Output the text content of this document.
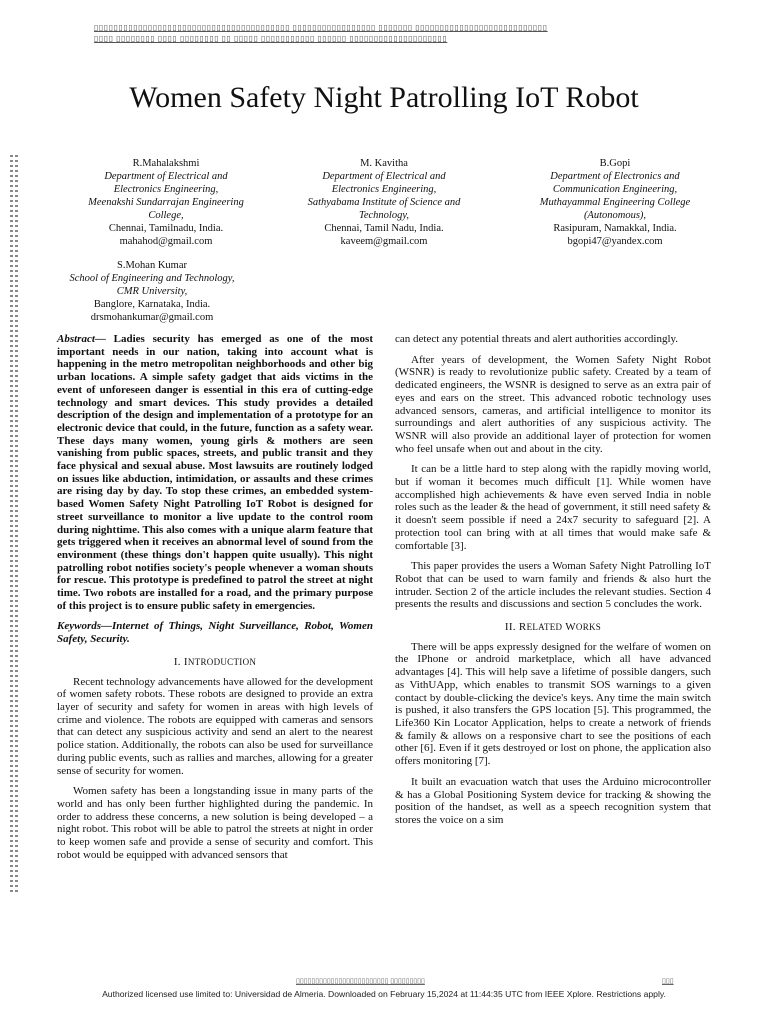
▯▯▯▯▯▯▯▯▯▯▯▯▯▯▯▯▯▯▯▯▯▯▯▯▯▯▯▯▯▯▯▯▯▯▯▯▯▯▯▯ ▯▯▯▯▯▯▯▯▯▯▯▯▯▯▯▯▯ ▯▯▯▯▯▯▯ ▯▯▯▯▯▯▯▯▯▯▯▯▯▯▯▯▯▯▯▯▯▯▯▯▯▯▯▯▯▯▯ ▯▯▯▯▯▯▯▯ ▯▯▯▯ ▯▯▯▯▯▯▯▯ ▯▯ ▯▯▯▯▯ ▯▯▯▯▯▯▯▯▯▯▯ ▯▯▯▯▯▯ ▯▯▯▯▯▯▯▯▯▯▯▯▯▯▯▯▯▯▯▯
Women Safety Night Patrolling IoT Robot
R.Mahalakshmi
Department of Electrical and
Electronics Engineering,
Meenakshi Sundarrajan Engineering
College,
Chennai, Tamilnadu, India.
mahahod@gmail.com
M. Kavitha
Department of Electrical and
Electronics Engineering,
Sathyabama Institute of Science and
Technology,
Chennai, Tamil Nadu, India.
kaveem@gmail.com
B.Gopi
Department of Electronics and
Communication Engineering,
Muthayammal Engineering College
(Autonomous),
Rasipuram, Namakkal, India.
bgopi47@yandex.com
S.Mohan Kumar
School of Engineering and Technology,
CMR University,
Banglore, Karnataka, India.
drsmohankumar@gmail.com

Abstract— Ladies security has emerged as one of the most important needs in our nation, taking into account what is happening in the metro metropolitan neighborhoods and other big urban locations. A simple safety gadget that aids victims in the event of unforeseen danger is essential in this era of cutting-edge technology and smart devices. This study provides a detailed description of the design and implementation of a prototype for an electronic device that could, in the future, function as a safety wear. These days many women, young girls & mothers are seen vanishing from public spaces, streets, and public transit and they face physical and sexual abuse. Most lawsuits are routinely lodged on issues like abduction, intimidation, or assaults and these crimes are rising day by day. To stop these crimes, an embedded system-based Women Safety Night Patrolling IoT Robot is designed for street surveillance to monitor a live update to the control room during nighttime. This also comes with a unique alarm feature that gets triggered when it receives an abnormal level of sound from the environment (these things don't happen quite usually). This night patrolling robot notifies society's people whenever a woman shouts for rescue. This prototype is predefined to patrol the street at night time. Two robots are installed for a road, and the primary purpose of this project is to ensure public safety in emergencies.

Keywords—Internet of Things, Night Surveillance, Robot, Women Safety, Security.

I. INTRODUCTION

Recent technology advancements have allowed for the development of women safety robots. These robots are designed to provide an extra layer of security and safety for women in areas with high levels of crime and violence. The robots are equipped with cameras and sensors that can detect any suspicious activity and send an alert to the nearest police station. Additionally, the robots can also be used for surveillance during public events, such as rallies and marches, allowing for a greater sense of security for women.

Women safety has been a longstanding issue in many parts of the world and has only been further highlighted during the pandemic. In order to address these concerns, a new solution is being developed – a night robot. This robot will be able to patrol the streets at night in order to keep women safe and provide a sense of security and comfort. This robot would be equipped with advanced sensors that

can detect any potential threats and alert authorities accordingly.

After years of development, the Women Safety Night Robot (WSNR) is ready to revolutionize public safety. Created by a team of dedicated engineers, the WSNR is designed to serve as an extra pair of eyes and ears on the street. This advanced robotic technology uses advanced sensors, cameras, and artificial intelligence to monitor its surroundings and alert authorities of any suspicious activity. The WSNR will also provide an additional layer of protection for women who feel unsafe when out and about in the city.

It can be a little hard to step along with the rapidly moving world, but if woman it becomes much difficult [1]. While women have accomplished high achievements & have even served India in noble roles such as the leader & the head of government, it still need safety & it doesn't seem possible if need a 24x7 security to safeguard [2]. A protection tool can bring with at all times that would make safe & comfortable [3].

This paper provides the users a Woman Safety Night Patrolling IoT Robot that can be used to warn family and friends & also hurt the intruder. Section 2 of the article includes the relevant studies. Section 4 presents the results and discussions and section 5 concludes the work.

II. RELATED WORKS

There will be apps expressly designed for the welfare of women on the IPhone or android marketplace, which all have advanced advantages [4]. This will help save a lifetime of possible dangers, such as VithUApp, which enables to transmit SOS warnings to a given contact by double-clicking the device's keys. Any time the main switch is pushed, it also transfers the GPS location [5]. This programmed, the Life360 Kin Locator Application, helps to create a network of friends & family & allows on a responsive chart to see the positions of each other [6]. Even if it gets destroyed or lost on phone, the application also offers monitoring [7].

It built an evacuation watch that uses the Arduino microcontroller & has a Global Positioning System device for tracking & showing the position of the handset, as well as a speech recognition system that stores the voice on a sim

▯▯▯▯▯▯▯▯▯▯▯▯▯▯▯▯▯▯▯▯▯▯▯▯ ▯▯▯▯▯▯▯▯▯	▯▯▯
Authorized licensed use limited to: Universidad de Almeria. Downloaded on February 15,2024 at 11:44:35 UTC from IEEE Xplore. Restrictions apply.
